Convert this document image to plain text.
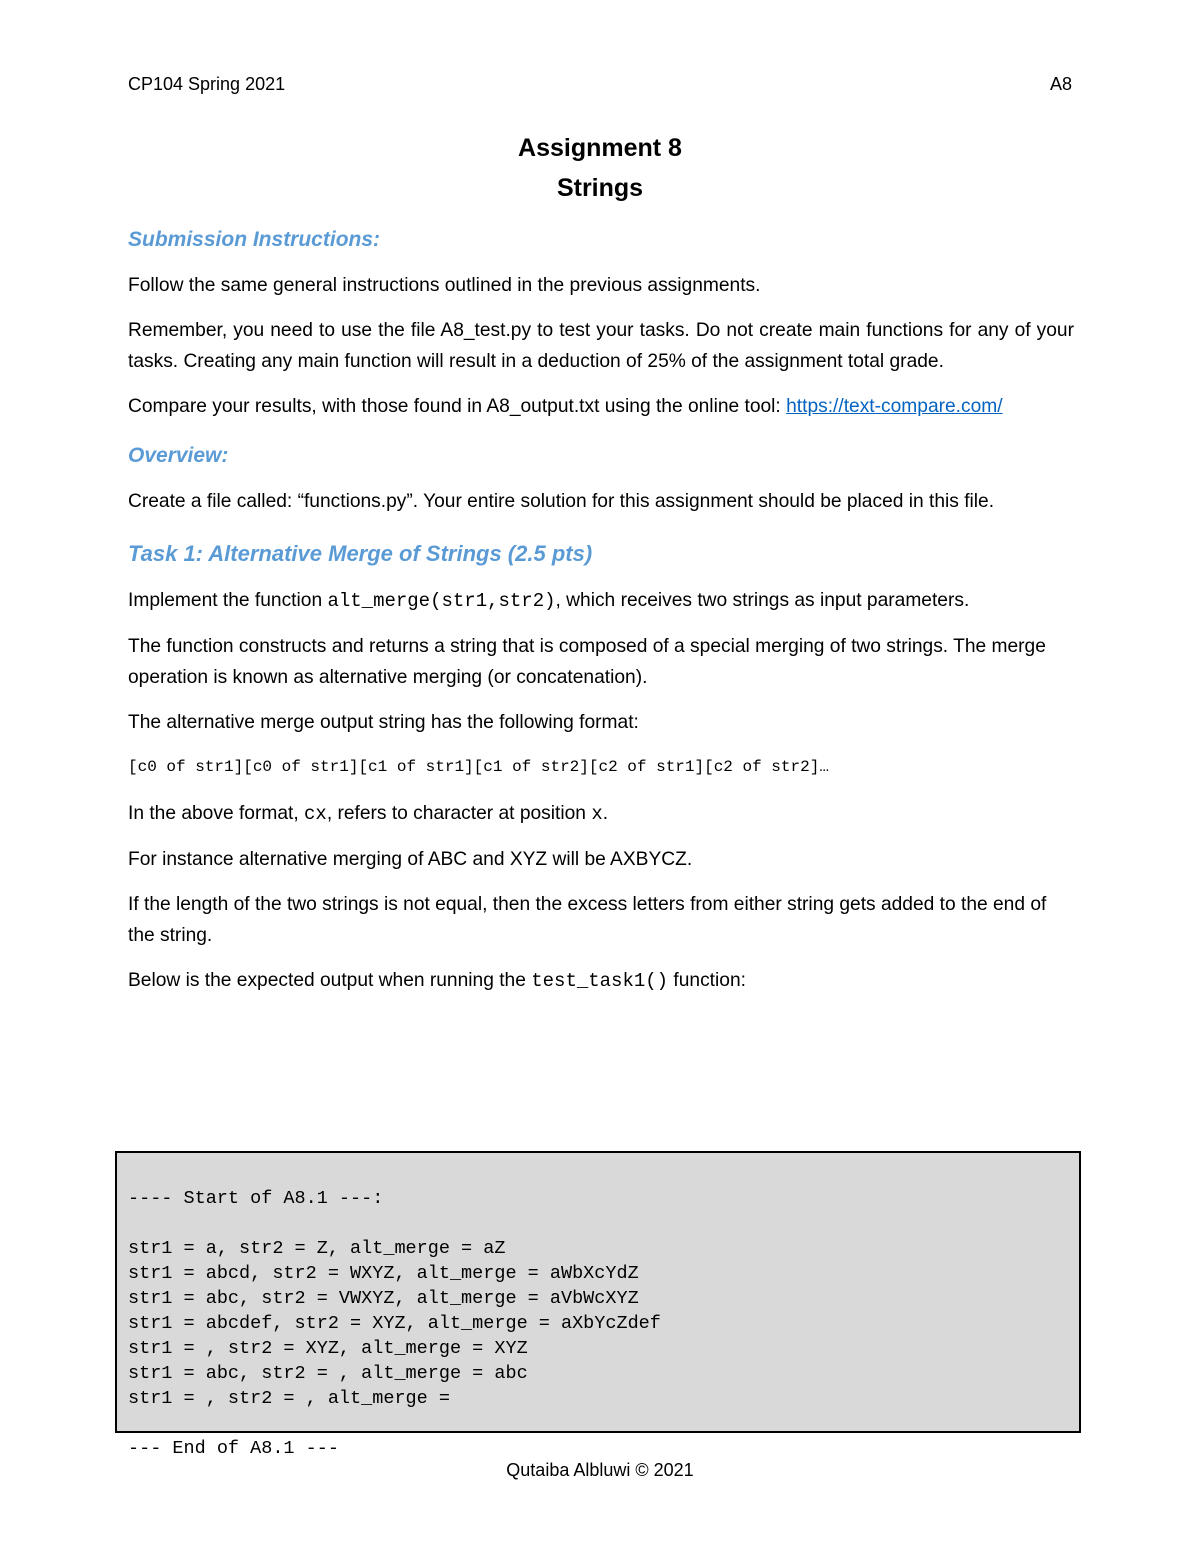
CP104 Spring 2021	A8
Assignment 8
Strings
Submission Instructions:

Follow the same general instructions outlined in the previous assignments.

Remember, you need to use the file A8_test.py to test your tasks. Do not create main functions for any of your tasks. Creating any main function will result in a deduction of 25% of the assignment total grade.

Compare your results, with those found in A8_output.txt using the online tool: https://text-compare.com/

Overview:

Create a file called: “functions.py”. Your entire solution for this assignment should be placed in this file.

Task 1: Alternative Merge of Strings (2.5 pts)

Implement the function alt_merge(str1,str2), which receives two strings as input parameters.

The function constructs and returns a string that is composed of a special merging of two strings. The merge operation is known as alternative merging (or concatenation).

The alternative merge output string has the following format:

[c0 of str1][c0 of str1][c1 of str1][c1 of str2][c2 of str1][c2 of str2]…

In the above format, cx, refers to character at position x.

For instance alternative merging of ABC and XYZ will be AXBYCZ.

If the length of the two strings is not equal, then the excess letters from either string gets added to the end of the string.

Below is the expected output when running the test_task1() function:

---- Start of A8.1 ---:
str1 = a, str2 = Z, alt_merge = aZ
str1 = abcd, str2 = WXYZ, alt_merge = aWbXcYdZ
str1 = abc, str2 = VWXYZ, alt_merge = aVbWcXYZ
str1 = abcdef, str2 = XYZ, alt_merge = aXbYcZdef
str1 = , str2 = XYZ, alt_merge = XYZ
str1 = abc, str2 = , alt_merge = abc
str1 = , str2 = , alt_merge =
--- End of A8.1 ---

Qutaiba Albluwi © 2021
